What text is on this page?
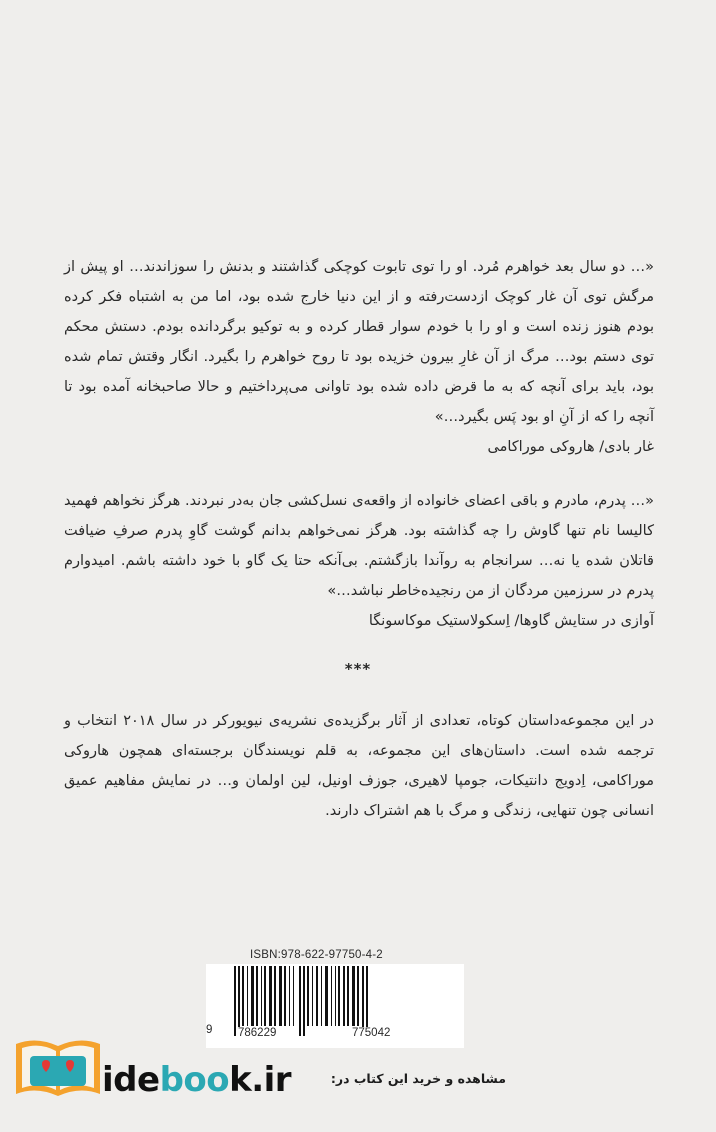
«… دو سال بعد خواهرم مُرد. او را توی تابوت کوچکی گذاشتند و بدنش را سوزاندند… او پیش از مرگش توی آن غار کوچک ازدست‌رفته و از این دنیا خارج شده بود، اما من به اشتباه فکر کرده بودم هنوز زنده است و او را با خودم سوار قطار کرده و به توکیو برگردانده بودم. دستش محکم توی دستم بود… مرگ از آن غارِ بیرون خزیده بود تا روح خواهرم را بگیرد. انگار وقتش تمام شده بود، باید برای آنچه که به ما قرض داده شده بود تاوانی می‌پرداختیم و حالا صاحبخانه آمده بود تا آنچه را که از آنِ او بود پَس بگیرد…»
غار بادی/ هاروکی موراکامی
«… پدرم، مادرم و باقی اعضای خانواده از واقعه‌ی نسل‌کشی جان به‌در نبردند. هرگز نخواهم فهمید کالیسا نام تنها گاوش را چه گذاشته بود. هرگز نمی‌خواهم بدانم گوشت گاوِ پدرم صرفِ ضیافت قاتلان شده یا نه… سرانجام به روآندا بازگشتم. بی‌آنکه حتا یک گاو با خود داشته باشم. امیدوارم پدرم در سرزمین مردگان از من رنجیده‌خاطر نباشد…»
آوازی در ستایش گاوها/ اِسکولاستیک موکاسونگا
***
در این مجموعه‌داستان کوتاه، تعدادی از آثار برگزیده‌ی نشریه‌ی نیویورکر در سال ۲۰۱۸ انتخاب و ترجمه شده است. داستان‌های این مجموعه، به قلم نویسندگان برجسته‌ای همچون هاروکی موراکامی، اِدویج دانتیکات، جومپا لاهیری، جوزف اونیل، لین اولمان و… در نمایش مفاهیم عمیق انسانی چون تنهایی، زندگی و مرگ با هم اشتراک دارند.
ISBN:978-622-97750-4-2
9 786229	775042
idebook.ir	مشاهده و خرید این کتاب در:
